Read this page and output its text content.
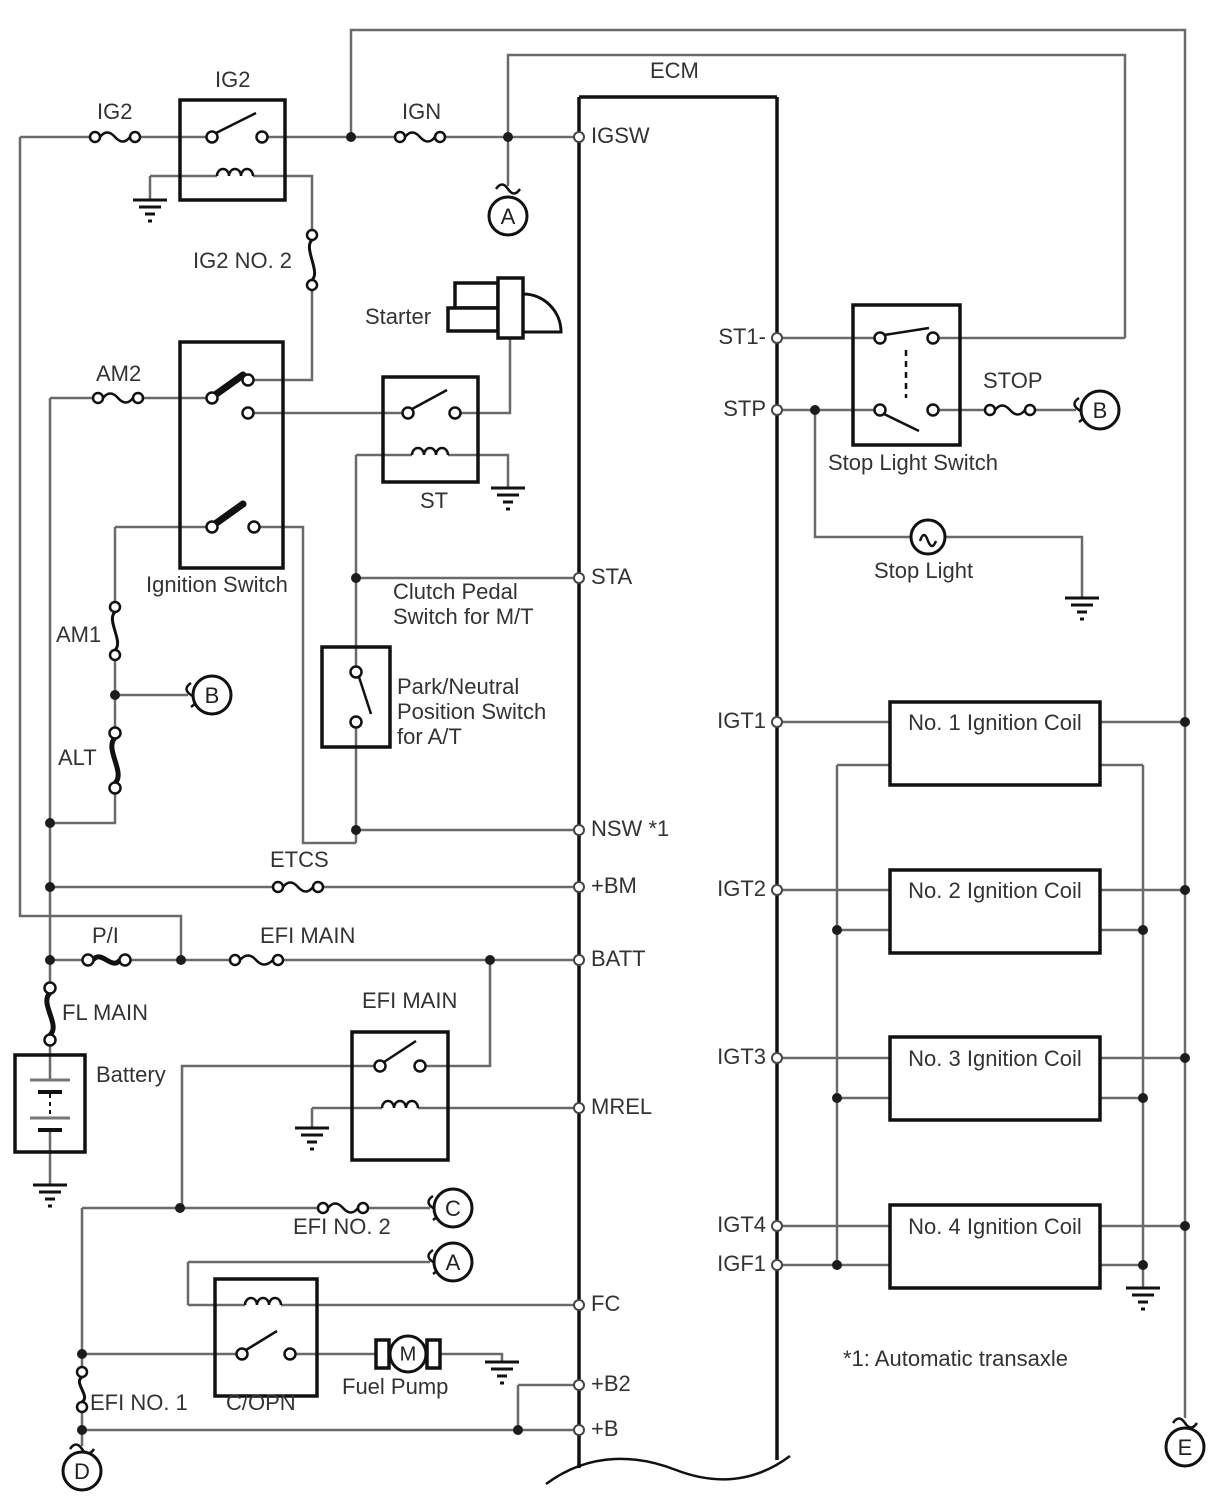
ECM
IG2
IG2
IGN
IG2 NO. 2
Starter
AM2
Ignition Switch
ST
Clutch Pedal
Switch for M/T
AM1
Park/Neutral
Position Switch
for A/T
ALT
ETCS
P/I	EFI MAIN
FL MAIN	EFI MAIN
Battery
EFI NO. 2
Fuel Pump
C/OPN
EFI NO. 1
Stop Light Switch
STOP
Stop Light
*1: Automatic transaxle
IGSW
STA
NSW *1
+BM
BATT
MREL
FC
+B2
+B
ST1-
STP
IGT1
IGT2
IGT3
IGT4
IGF1
No. 1 Ignition Coil
No. 2 Ignition Coil
No. 3 Ignition Coil
No. 4 Ignition Coil
A
B
B
C
A
D
E
M
